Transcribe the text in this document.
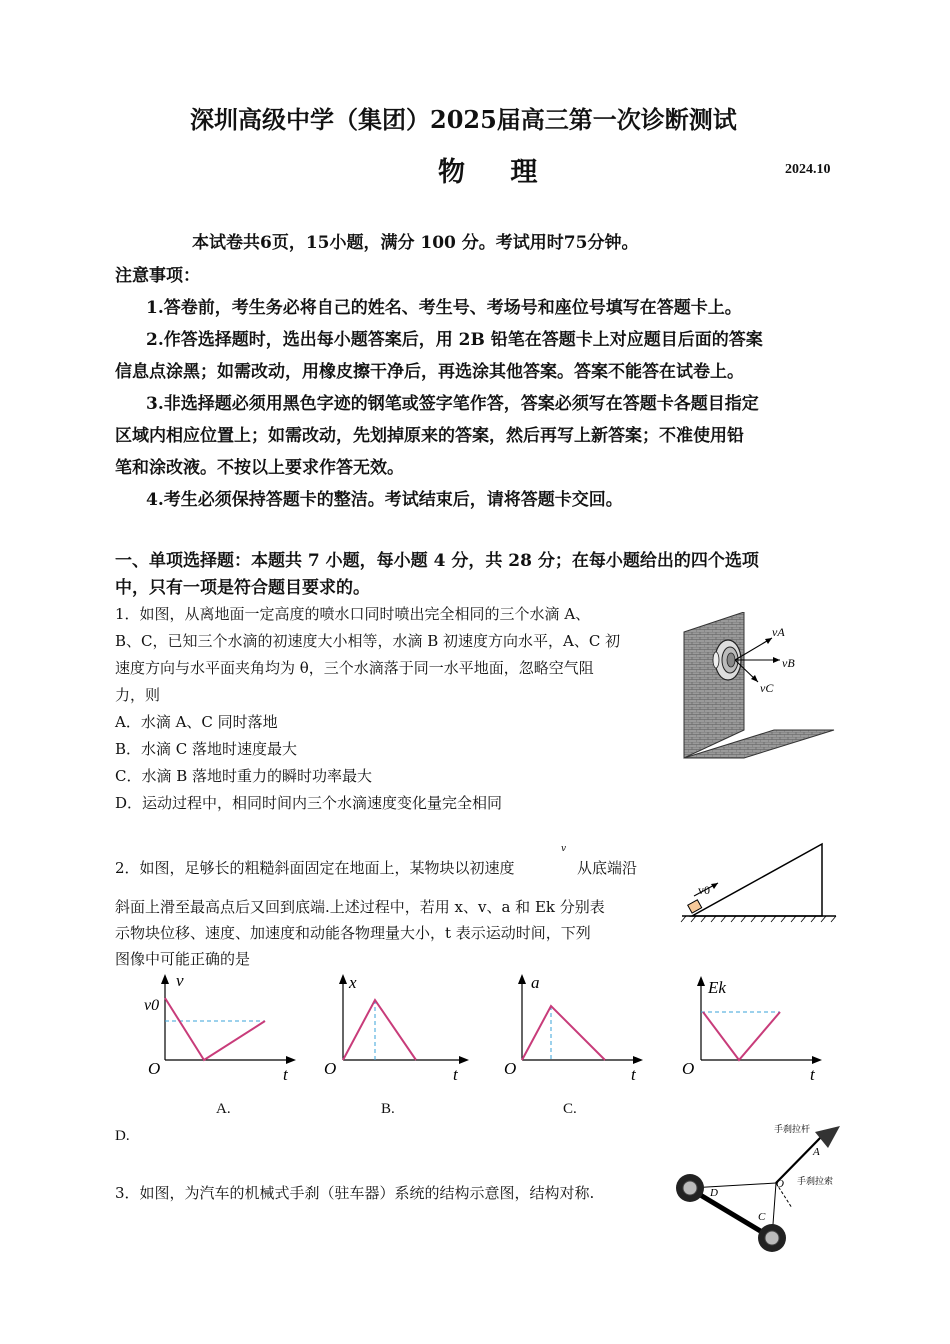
深圳高级中学（集团）2025届高三第一次诊断测试
物 理	2024.10
本试卷共6页，15小题，满分 100 分。考试用时75分钟。
注意事项：
1.答卷前，考生务必将自己的姓名、考生号、考场号和座位号填写在答题卡上。
2.作答选择题时，选出每小题答案后，用 2B 铅笔在答题卡上对应题目后面的答案
信息点涂黑；如需改动，用橡皮擦干净后，再选涂其他答案。答案不能答在试卷上。
3.非选择题必须用黑色字迹的钢笔或签字笔作答，答案必须写在答题卡各题目指定
区域内相应位置上；如需改动，先划掉原来的答案，然后再写上新答案；不准使用铅
笔和涂改液。不按以上要求作答无效。
4.考生必须保持答题卡的整洁。考试结束后，请将答题卡交回。
一、单项选择题：本题共 7 小题，每小题 4 分，共 28 分；在每小题给出的四个选项
中，只有一项是符合题目要求的。
1．如图，从离地面一定高度的喷水口同时喷出完全相同的三个水滴 A、
B、C，已知三个水滴的初速度大小相等，水滴 B 初速度方向水平，A、C 初
速度方向与水平面夹角均为 θ，三个水滴落于同一水平地面，忽略空气阻
力，则
A．水滴 A、C 同时落地
B．水滴 C 落地时速度最大
C．水滴 B 落地时重力的瞬时功率最大
D．运动过程中，相同时间内三个水滴速度变化量完全相同
vA
vB
vC
2．如图，足够长的粗糙斜面固定在地面上，某物块以初速度
v
从底端沿
斜面上滑至最高点后又回到底端.上述过程中，若用 x、v、a 和 Ek 分别表
示物块位移、速度、加速度和动能各物理量大小，t 表示运动时间，下列
图像中可能正确的是
v0
v
v0
O	t
x
O	t
a
O	t
Ek
O	t
A.	B.	C.
D.
3．如图，为汽车的机械式手刹（驻车器）系统的结构示意图，结构对称.
手刹拉杆
手刹拉索
A
O
D
C
